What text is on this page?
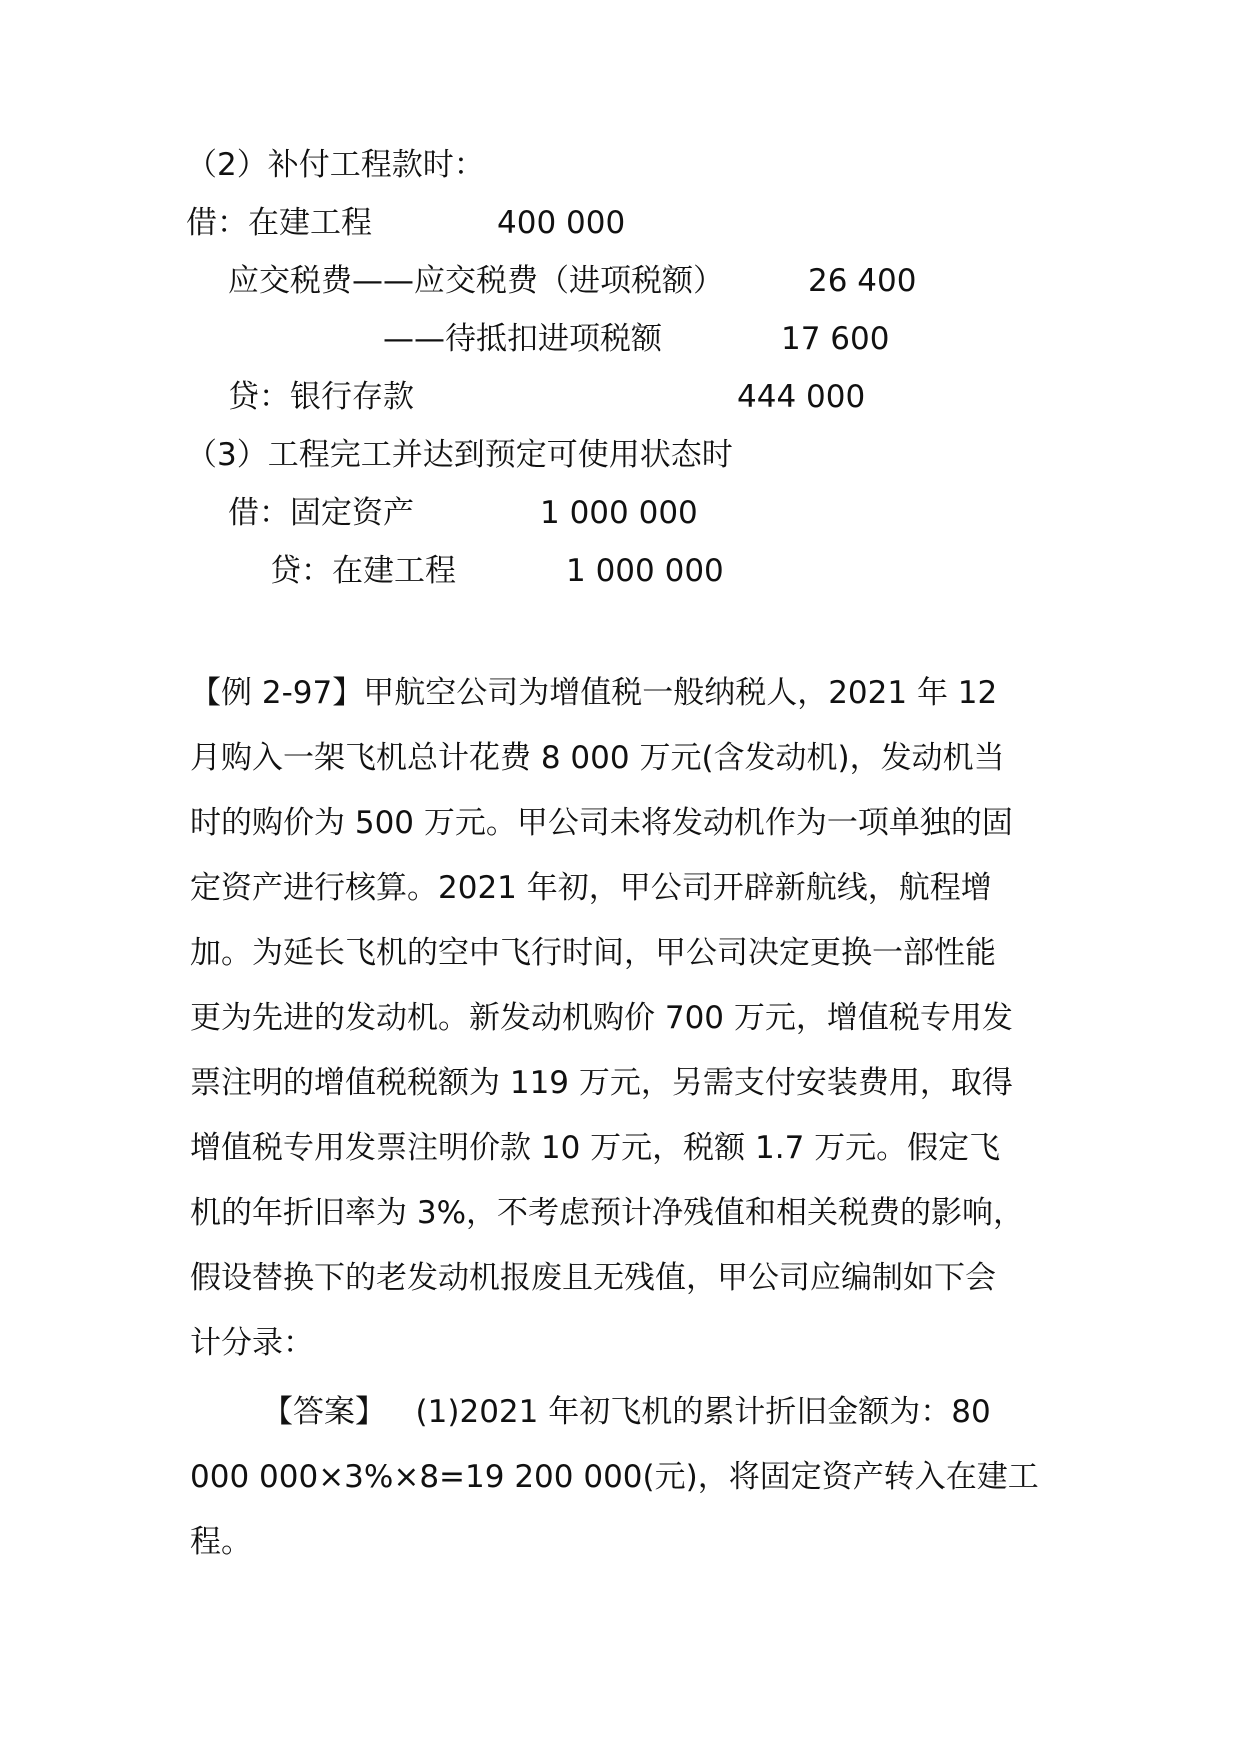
（2）补付工程款时：
借：在建工程	400 000
应交税费——应交税费（进项税额）	26 400
——待抵扣进项税额	17 600
贷：银行存款	444 000
（3）工程完工并达到预定可使用状态时
借：固定资产	1 000 000
贷：在建工程	1 000 000
【例 2-97】甲航空公司为增值税一般纳税人，2021 年 12
月购入一架飞机总计花费 8 000 万元(含发动机)，发动机当
时的购价为 500 万元。甲公司未将发动机作为一项单独的固
定资产进行核算。2021 年初，甲公司开辟新航线，航程增
加。为延长飞机的空中飞行时间，甲公司决定更换一部性能
更为先进的发动机。新发动机购价 700 万元，增值税专用发
票注明的增值税税额为 119 万元，另需支付安装费用，取得
增值税专用发票注明价款 10 万元，税额 1.7 万元。假定飞
机的年折旧率为 3%，不考虑预计净残值和相关税费的影响，
假设替换下的老发动机报废且无残值，甲公司应编制如下会
计分录：
【答案】   (1)2021 年初飞机的累计折旧金额为：80
000 000×3%×8=19 200 000(元)，将固定资产转入在建工
程。
